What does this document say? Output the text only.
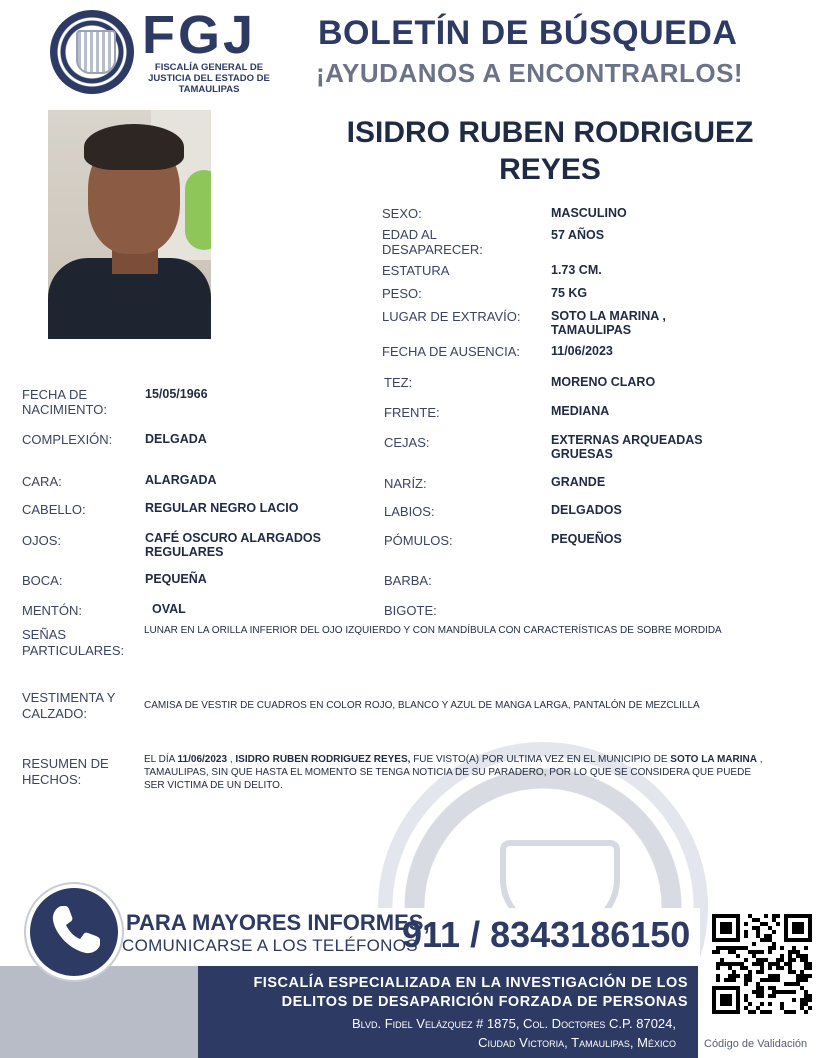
FGJ
FISCALÍA GENERAL DE JUSTICIA DEL ESTADO DE TAMAULIPAS
BOLETÍN DE BÚSQUEDA
¡AYUDANOS A ENCONTRARLOS!
ISIDRO RUBEN RODRIGUEZ REYES
SEXO:	MASCULINO
EDAD AL DESAPARECER:
57 AÑOS
ESTATURA	1.73 CM.
PESO:	75 KG
LUGAR DE EXTRAVÍO: SOTO LA MARINA , TAMAULIPAS
FECHA DE AUSENCIA: 11/06/2023
TEZ:	MORENO CLARO
FRENTE:	MEDIANA
CEJAS:	EXTERNAS ARQUEADAS GRUESAS
NARÍZ:	GRANDE
LABIOS:	DELGADOS
PÓMULOS:	PEQUEÑOS
BARBA:
BIGOTE:
FECHA DE NACIMIENTO:
15/05/1966
COMPLEXIÓN:	DELGADA
CARA:	ALARGADA
CABELLO:	REGULAR NEGRO LACIO
OJOS:	CAFÉ OSCURO ALARGADOS REGULARES
BOCA:	PEQUEÑA
MENTÓN:	OVAL
SEÑAS PARTICULARES:
LUNAR EN LA ORILLA INFERIOR DEL OJO IZQUIERDO Y CON MANDÍBULA CON CARACTERÍSTICAS DE SOBRE MORDIDA
VESTIMENTA Y CALZADO:
CAMISA DE VESTIR DE CUADROS EN COLOR ROJO, BLANCO Y AZUL DE MANGA LARGA, PANTALÓN DE MEZCLILLA
RESUMEN DE HECHOS:
EL DÍA 11/06/2023 , ISIDRO RUBEN RODRIGUEZ REYES, FUE VISTO(A) POR ULTIMA VEZ EN EL MUNICIPIO DE SOTO LA MARINA , TAMAULIPAS, SIN QUE HASTA EL MOMENTO SE TENGA NOTICIA DE SU PARADERO, POR LO QUE SE CONSIDERA QUE PUEDE SER VICTIMA DE UN DELITO.
PARA MAYORES INFORMES,
COMUNICARSE A LOS TELÉFONOS
911 / 8343186150
FISCALÍA ESPECIALIZADA EN LA INVESTIGACIÓN DE LOS DELITOS DE DESAPARICIÓN FORZADA DE PERSONAS
Blvd. Fidel Velázquez # 1875, Col. Doctores C.P. 87024,
Ciudad Victoria, Tamaulipas, México	Código de Validación
